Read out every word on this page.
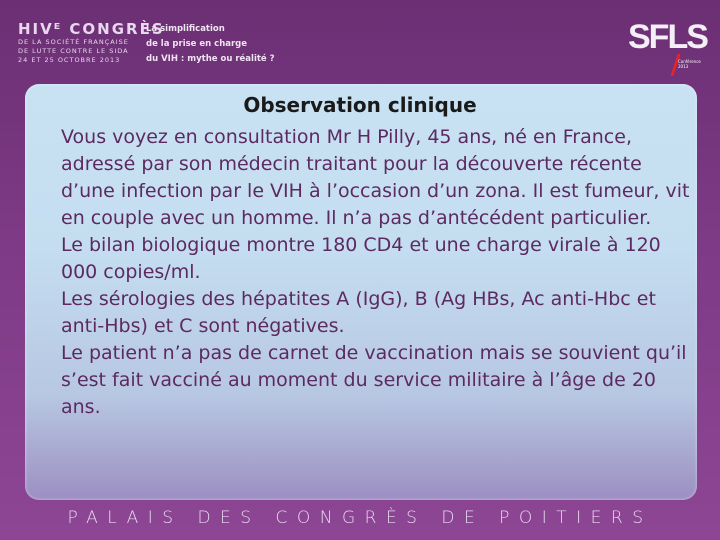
HIVᴱ CONGRÈS
DE LA SOCIÉTÉ FRANÇAISE
DE LUTTE CONTRE LE SIDA
24 ET 25 OCTOBRE 2013
La simplification
de la prise en charge
du VIH : mythe ou réalité ?
SFLS
Conférence 2013
Observation clinique

Vous voyez en consultation Mr H Pilly, 45 ans, né en France, adressé par son médecin traitant pour la découverte récente d’une infection par le VIH à l’occasion d’un zona. Il est fumeur, vit en couple avec un homme. Il n’a pas d’antécédent particulier.

Le bilan biologique montre 180 CD4 et une charge virale à 120 000 copies/ml.

Les sérologies des hépatites A (IgG), B (Ag HBs, Ac anti-Hbc et anti-Hbs) et C sont négatives.

Le patient n’a pas de carnet de vaccination mais se souvient qu’il s’est fait vacciné au moment du service militaire à l’âge de 20 ans.

PALAIS DES CONGRÈS DE POITIERS
